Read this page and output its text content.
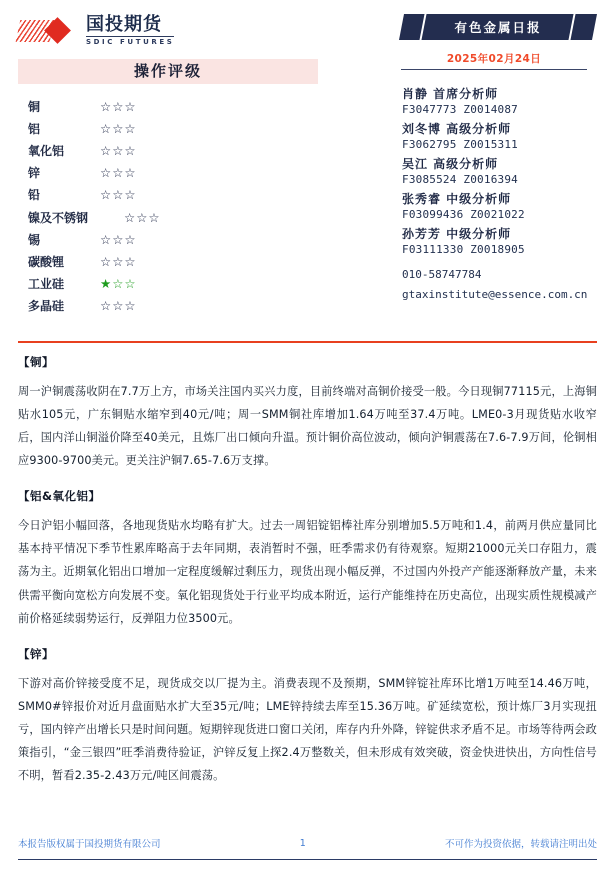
国投期货
SDIC FUTURES
操作评级
铜	☆☆☆
铝	☆☆☆
氧化铝	☆☆☆
锌	☆☆☆
铅	☆☆☆
镍及不锈钢	☆☆☆
锡	☆☆☆
碳酸锂	☆☆☆
工业硅	★☆☆
多晶硅	☆☆☆
有色金属日报
2025年02月24日
肖静 首席分析师
F3047773 Z0014087
刘冬博 高级分析师
F3062795 Z0015311
吴江 高级分析师
F3085524 Z0016394
张秀睿 中级分析师
F03099436 Z0021022
孙芳芳 中级分析师
F03111330 Z0018905
010-58747784
gtaxinstitute@essence.com.cn
【铜】
周一沪铜震荡收阴在7.7万上方，市场关注国内买兴力度，目前终端对高铜价接受一般。今日现铜77115元，上海铜贴水105元，广东铜贴水缩窄到40元/吨；周一SMM铜社库增加1.64万吨至37.4万吨。LME0-3月现货贴水收窄后，国内洋山铜溢价降至40美元，且炼厂出口倾向升温。预计铜价高位波动，倾向沪铜震荡在7.6-7.9万间，伦铜相应9300-9700美元。更关注沪铜7.65-7.6万支撑。
【铝&氧化铝】
今日沪铝小幅回落，各地现货贴水均略有扩大。过去一周铝锭铝棒社库分别增加5.5万吨和1.4，前两月供应量同比基本持平情况下季节性累库略高于去年同期，表消暂时不强，旺季需求仍有待观察。短期21000元关口存阻力，震荡为主。近期氧化铝出口增加一定程度缓解过剩压力，现货出现小幅反弹，不过国内外投产产能逐渐释放产量，未来供需平衡向宽松方向发展不变。氧化铝现货处于行业平均成本附近，运行产能维持在历史高位，出现实质性规模减产前价格延续弱势运行，反弹阻力位3500元。
【锌】
下游对高价锌接受度不足，现货成交以厂提为主。消费表现不及预期，SMM锌锭社库环比增1万吨至14.46万吨，SMM0#锌报价对近月盘面贴水扩大至35元/吨；LME锌持续去库至15.36万吨。矿延续宽松，预计炼厂3月实现扭亏，国内锌产出增长只是时间问题。短期锌现货进口窗口关闭，库存内升外降，锌锭供求矛盾不足。市场等待两会政策指引，“金三银四”旺季消费待验证，沪锌反复上探2.4万整数关，但未形成有效突破，资金快进快出，方向性信号不明，暂看2.35-2.43万元/吨区间震荡。
本报告版权属于国投期货有限公司	1	不可作为投资依据，转载请注明出处
